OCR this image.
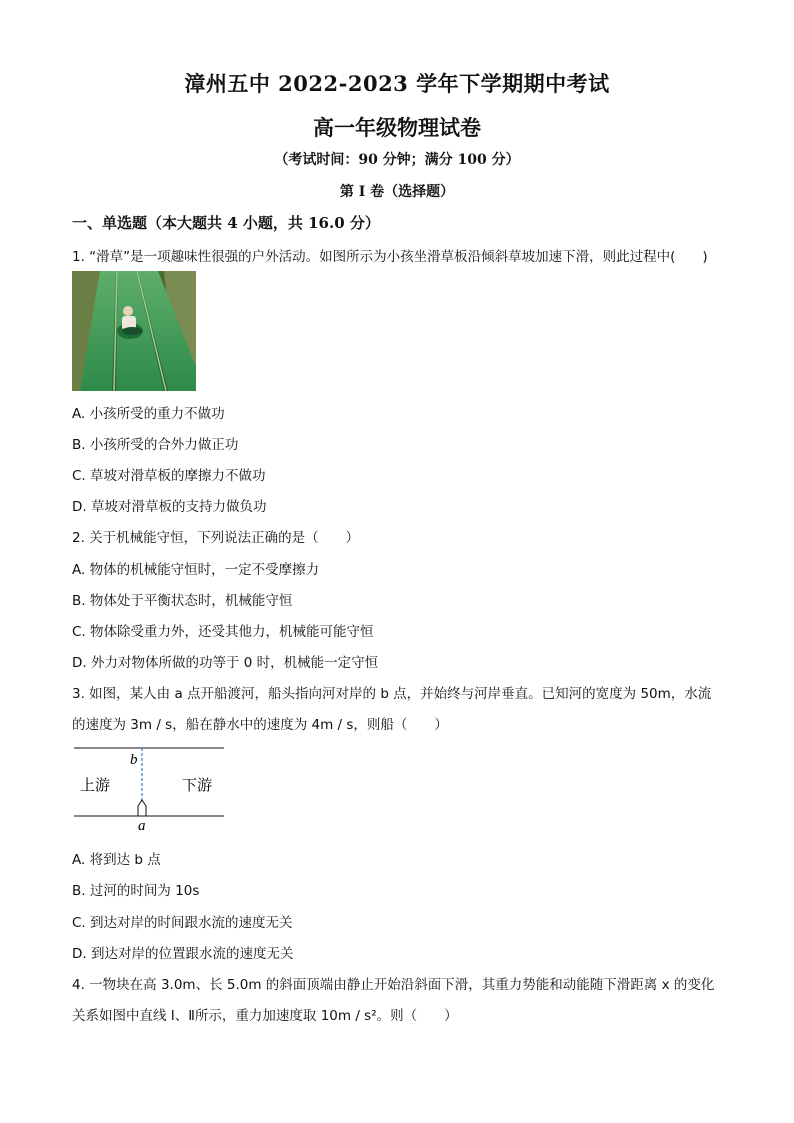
漳州五中 2022-2023 学年下学期期中考试
高一年级物理试卷
（考试时间：90 分钟；满分 100 分）
第 I 卷（选择题）
一、单选题（本大题共 4 小题，共 16.0 分）
1. “滑草”是一项趣味性很强的户外活动。如图所示为小孩坐滑草板沿倾斜草坡加速下滑，则此过程中(　　)
A. 小孩所受的重力不做功
B. 小孩所受的合外力做正功
C. 草坡对滑草板的摩擦力不做功
D. 草坡对滑草板的支持力做负功
2. 关于机械能守恒，下列说法正确的是（　　）
A. 物体的机械能守恒时，一定不受摩擦力
B. 物体处于平衡状态时，机械能守恒
C. 物体除受重力外，还受其他力，机械能可能守恒
D. 外力对物体所做的功等于 0 时，机械能一定守恒
3. 如图，某人由 a 点开船渡河，船头指向河对岸的 b 点，并始终与河岸垂直。已知河的宽度为 50m，水流
的速度为 3m / s，船在静水中的速度为 4m / s，则船（　　）
b
a
上游	下游
A. 将到达 b 点
B. 过河的时间为 10s
C. 到达对岸的时间跟水流的速度无关
D. 到达对岸的位置跟水流的速度无关
4. 一物块在高 3.0m、长 5.0m 的斜面顶端由静止开始沿斜面下滑，其重力势能和动能随下滑距离 x 的变化
关系如图中直线 Ⅰ、Ⅱ所示，重力加速度取 10m / s²。则（　　）
